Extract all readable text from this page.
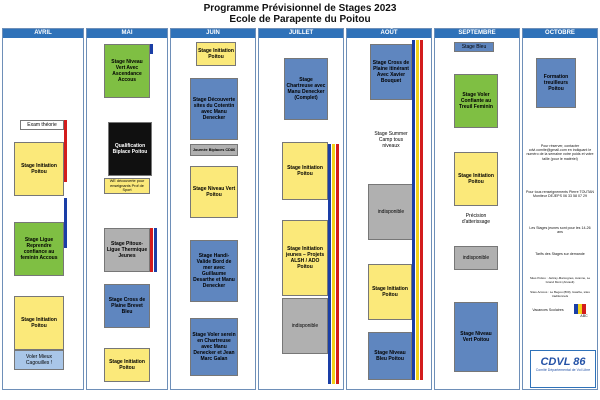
Programme Prévisionnel de Stages 2023
Ecole de Parapente du Poitou
AVRIL	MAI	JUIN	JUILLET	AOÛT	SEPTEMBRE	OCTOBRE
Exam théorie
Stage Initiation Poitou
Stage Ligue Reprendre confiance au feminin Accous
Stage Initiation Poitou
Voler Mieux Cagouilles !
Stage Niveau Vert Avec Ascendance Accous
Qualification Biplace Poitou
WE découverte pour enseignants Prof de Sport
Stage Pitoux-Ligue Thermique Jeunes
Stage Cross de Plaine Brevet Bleu
Stage Initiation Poitou
Stage Initiation Poitou
Stage Découverte sites du Cotentin avec Manu Denecker
Journée Biplaces CD86
Stage Niveau Vert Poitou
Stage Handi-Valide Bord de mer avec Guillaume Desarthe et Manu Denecker
Stage Voler serein en Chartreuse avec Manu Denecker et Jean Marc Galan
Stage Chartreuse avec Manu Denecker (Complet)
Stage Initiation Poitou
Stage Initiation jeunes – Projets ALSH / ADO Poitou
indisponible
Stage Cross de Plaine itinérant Avec Xavier Bouquet
Stage Summer Camp tous niveaux
indisponible
Stage Initiation Poitou
Stage Niveau Bleu Poitou
Stage Bleu
Stage Voler Confiante au Treuil Feminin
Stage Initiation Poitou
Précision d'atterissage
indisponible
Stage Niveau Vert Poitou
Formation treuilleurs Poitou
Pour réserver, contacter cdvl.comite@gmail.com en indiquant le numéro de la semaine votre poids et votre taille (pour le matériel)
Pour tous renseignements Pierre TOUTAN Moniteur DEJEPS 06 33 58 07 29
Les Stages jeunes sont pour les 14-26 ans
Tarifs des Stages sur demande
Sites Poitou : Jazzay-Marcognes, Avanne, Le Grand Mont (Airvault)
Sites Accous : Le Begou (800), Issarbe, sites traditionnels
Vacances Scolaires
ABC
CDVL 86
Comité Départemental de Vol Libre
